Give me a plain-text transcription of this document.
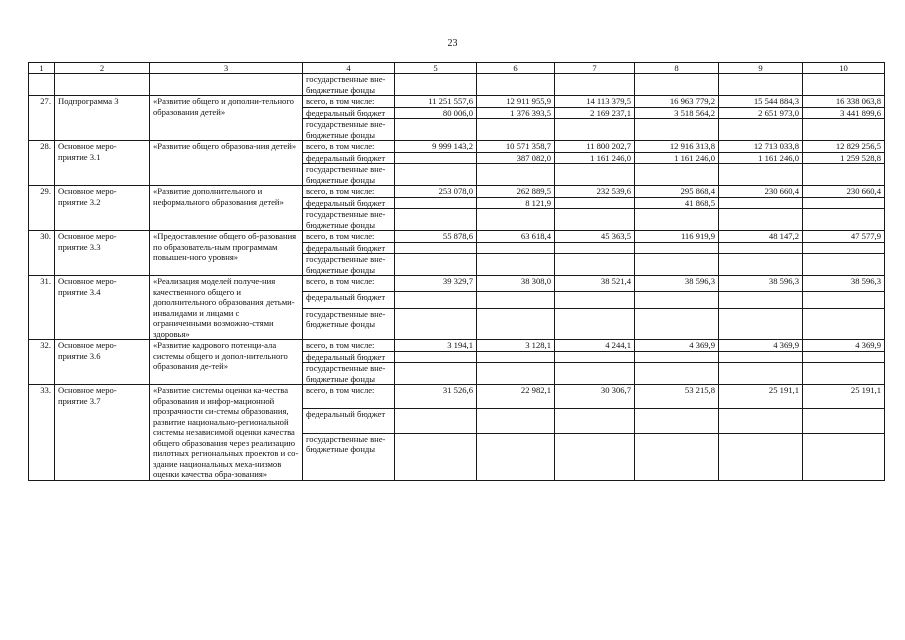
23
1	2	3	4	5	6	7	8	9	10
			государственные вне-бюджетные фонды						
27.	Подпрограмма 3	«Развитие общего и дополни-тельного образования детей»	всего, в том числе:	11 251 557,6	12 911 955,9	14 113 379,5	16 963 779,2	15 544 884,3	16 338 063,8
			федеральный бюджет	80 006,0	1 376 393,5	2 169 237,1	3 518 564,2	2 651 973,0	3 441 899,6
			государственные вне-бюджетные фонды						
28.	Основное меро-приятие 3.1	«Развитие общего образова-ния детей»	всего, в том числе:	9 999 143,2	10 571 358,7	11 800 202,7	12 916 313,8	12 713 033,8	12 829 256,5
			федеральный бюджет		387 082,0	1 161 246,0	1 161 246,0	1 161 246,0	1 259 528,8
			государственные вне-бюджетные фонды						
29.	Основное меро-приятие 3.2	«Развитие дополнительного и неформального образования детей»	всего, в том числе:	253 078,0	262 889,5	232 539,6	295 868,4	230 660,4	230 660,4
			федеральный бюджет		8 121,9		41 868,5		
			государственные вне-бюджетные фонды						
30.	Основное меро-приятие 3.3	«Предоставление общего об-разования по образователь-ным программам повышен-ного уровня»	всего, в том числе:	55 878,6	63 618,4	45 363,5	116 919,9	48 147,2	47 577,9
			федеральный бюджет						
			государственные вне-бюджетные фонды						
31.	Основное меро-приятие 3.4	«Реализация моделей получе-ния качественного общего и дополнительного образования детьми-инвалидами и лицами с ограниченными возможно-стями здоровья»	всего, в том числе:	39 329,7	38 308,0	38 521,4	38 596,3	38 596,3	38 596,3
			федеральный бюджет						
			государственные вне-бюджетные фонды						
32.	Основное меро-приятие 3.6	«Развитие кадрового потенци-ала системы общего и допол-нительного образования де-тей»	всего, в том числе:	3 194,1	3 128,1	4 244,1	4 369,9	4 369,9	4 369,9
			федеральный бюджет						
			государственные вне-бюджетные фонды						
33.	Основное меро-приятие 3.7	«Развитие системы оценки ка-чества образования и инфор-мационной прозрачности си-стемы образования, развитие национально-региональной системы независимой оценки качества общего образования через реализацию пилотных региональных проектов и со-здание национальных меха-низмов оценки качества обра-зования»	всего, в том числе:	31 526,6	22 982,1	30 306,7	53 215,8	25 191,1	25 191,1
			федеральный бюджет						
			государственные вне-бюджетные фонды						
